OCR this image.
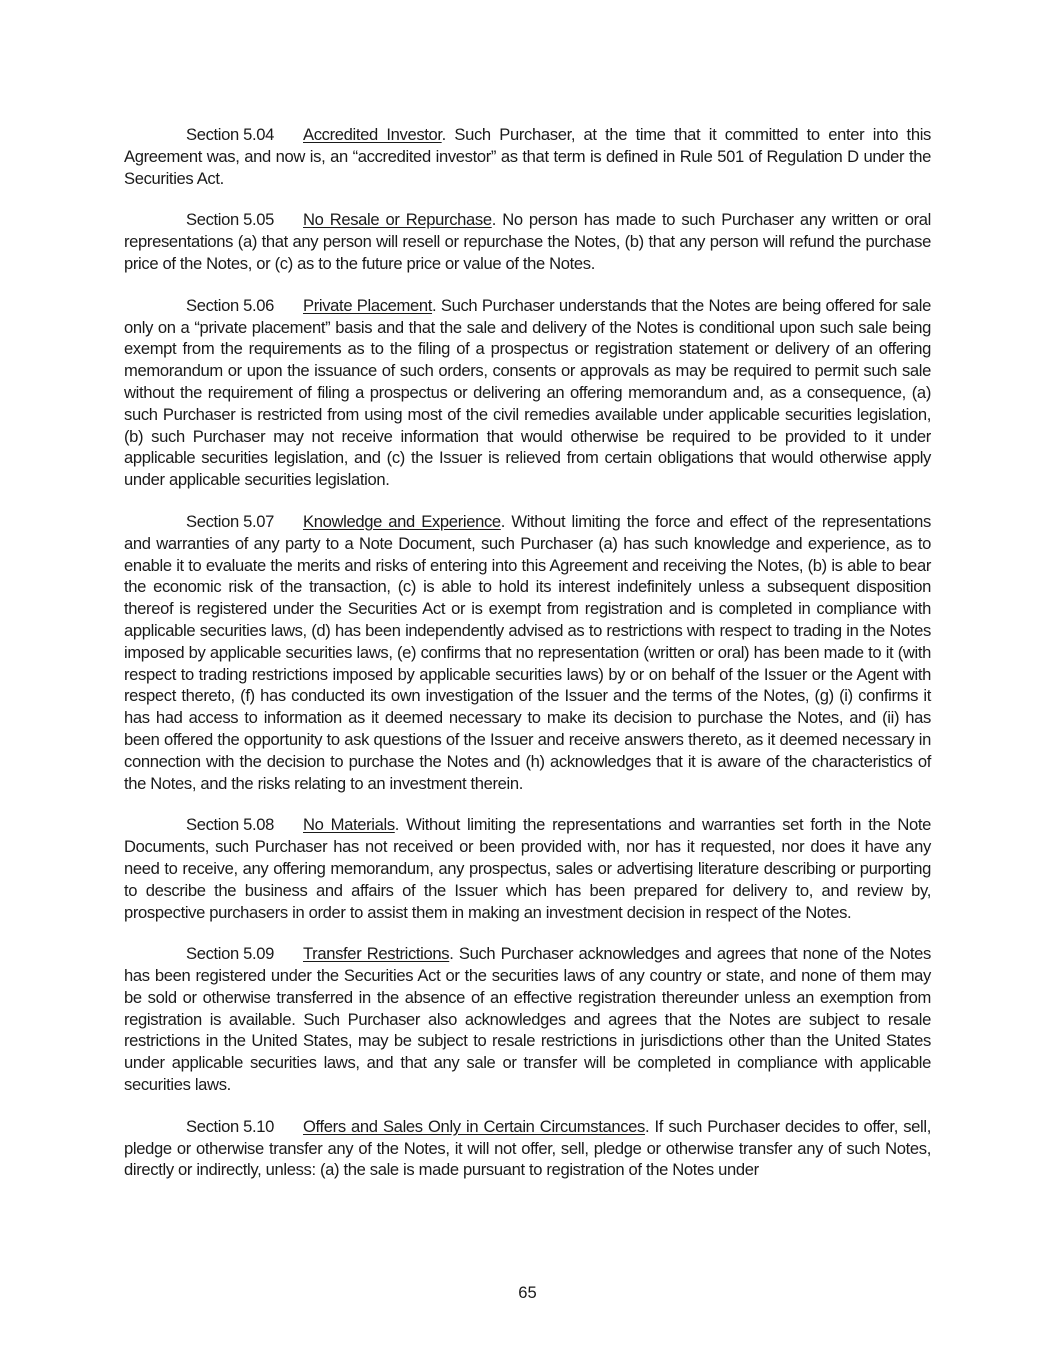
Section 5.04 Accredited Investor. Such Purchaser, at the time that it committed to enter into this Agreement was, and now is, an “accredited investor” as that term is defined in Rule 501 of Regulation D under the Securities Act.

Section 5.05 No Resale or Repurchase. No person has made to such Purchaser any written or oral representations (a) that any person will resell or repurchase the Notes, (b) that any person will refund the purchase price of the Notes, or (c) as to the future price or value of the Notes.

Section 5.06 Private Placement. Such Purchaser understands that the Notes are being offered for sale only on a “private placement” basis and that the sale and delivery of the Notes is conditional upon such sale being exempt from the requirements as to the filing of a prospectus or registration statement or delivery of an offering memorandum or upon the issuance of such orders, consents or approvals as may be required to permit such sale without the requirement of filing a prospectus or delivering an offering memorandum and, as a consequence, (a) such Purchaser is restricted from using most of the civil remedies available under applicable securities legislation, (b) such Purchaser may not receive information that would otherwise be required to be provided to it under applicable securities legislation, and (c) the Issuer is relieved from certain obligations that would otherwise apply under applicable securities legislation.

Section 5.07 Knowledge and Experience. Without limiting the force and effect of the representations and warranties of any party to a Note Document, such Purchaser (a) has such knowledge and experience, as to enable it to evaluate the merits and risks of entering into this Agreement and receiving the Notes, (b) is able to bear the economic risk of the transaction, (c) is able to hold its interest indefinitely unless a subsequent disposition thereof is registered under the Securities Act or is exempt from registration and is completed in compliance with applicable securities laws, (d) has been independently advised as to restrictions with respect to trading in the Notes imposed by applicable securities laws, (e) confirms that no representation (written or oral) has been made to it (with respect to trading restrictions imposed by applicable securities laws) by or on behalf of the Issuer or the Agent with respect thereto, (f) has conducted its own investigation of the Issuer and the terms of the Notes, (g) (i) confirms it has had access to information as it deemed necessary to make its decision to purchase the Notes, and (ii) has been offered the opportunity to ask questions of the Issuer and receive answers thereto, as it deemed necessary in connection with the decision to purchase the Notes and (h) acknowledges that it is aware of the characteristics of the Notes, and the risks relating to an investment therein.

Section 5.08 No Materials. Without limiting the representations and warranties set forth in the Note Documents, such Purchaser has not received or been provided with, nor has it requested, nor does it have any need to receive, any offering memorandum, any prospectus, sales or advertising literature describing or purporting to describe the business and affairs of the Issuer which has been prepared for delivery to, and review by, prospective purchasers in order to assist them in making an investment decision in respect of the Notes.

Section 5.09 Transfer Restrictions. Such Purchaser acknowledges and agrees that none of the Notes has been registered under the Securities Act or the securities laws of any country or state, and none of them may be sold or otherwise transferred in the absence of an effective registration thereunder unless an exemption from registration is available. Such Purchaser also acknowledges and agrees that the Notes are subject to resale restrictions in the United States, may be subject to resale restrictions in jurisdictions other than the United States under applicable securities laws, and that any sale or transfer will be completed in compliance with applicable securities laws.

Section 5.10 Offers and Sales Only in Certain Circumstances. If such Purchaser decides to offer, sell, pledge or otherwise transfer any of the Notes, it will not offer, sell, pledge or otherwise transfer any of such Notes, directly or indirectly, unless: (a) the sale is made pursuant to registration of the Notes under

65
